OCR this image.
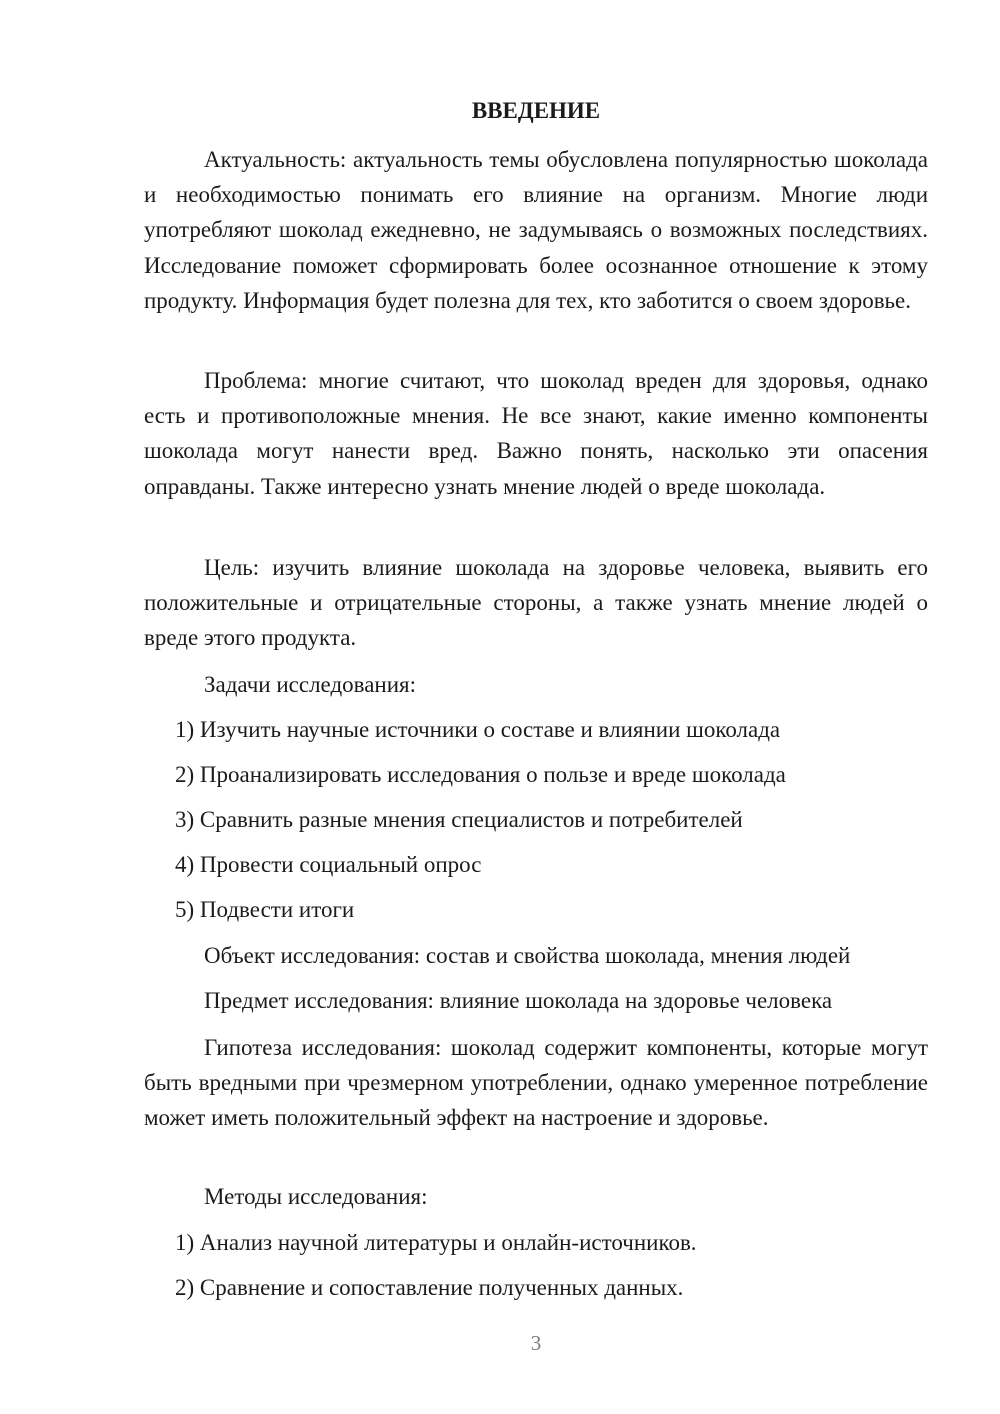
ВВЕДЕНИЕ

Актуальность: актуальность темы обусловлена популярностью шоколада и необходимостью понимать его влияние на организм. Многие люди употребляют шоколад ежедневно, не задумываясь о возможных последствиях. Исследование поможет сформировать более осознанное отношение к этому продукту. Информация будет полезна для тех, кто заботится о своем здоровье.

Проблема: многие считают, что шоколад вреден для здоровья, однако есть и противоположные мнения. Не все знают, какие именно компоненты шоколада могут нанести вред. Важно понять, насколько эти опасения оправданы. Также интересно узнать мнение людей о вреде шоколада.

Цель: изучить влияние шоколада на здоровье человека, выявить его положительные и отрицательные стороны, а также узнать мнение людей о вреде этого продукта.

Задачи исследования:

1) Изучить научные источники о составе и влиянии шоколада

2) Проанализировать исследования о пользе и вреде шоколада

3) Сравнить разные мнения специалистов и потребителей

4) Провести социальный опрос

5) Подвести итоги

Объект исследования: состав и свойства шоколада, мнения людей

Предмет исследования: влияние шоколада на здоровье человека

Гипотеза исследования: шоколад содержит компоненты, которые могут быть вредными при чрезмерном употреблении, однако умеренное потребление может иметь положительный эффект на настроение и здоровье.

Методы исследования:

1) Анализ научной литературы и онлайн-источников.

2) Сравнение и сопоставление полученных данных.

3
